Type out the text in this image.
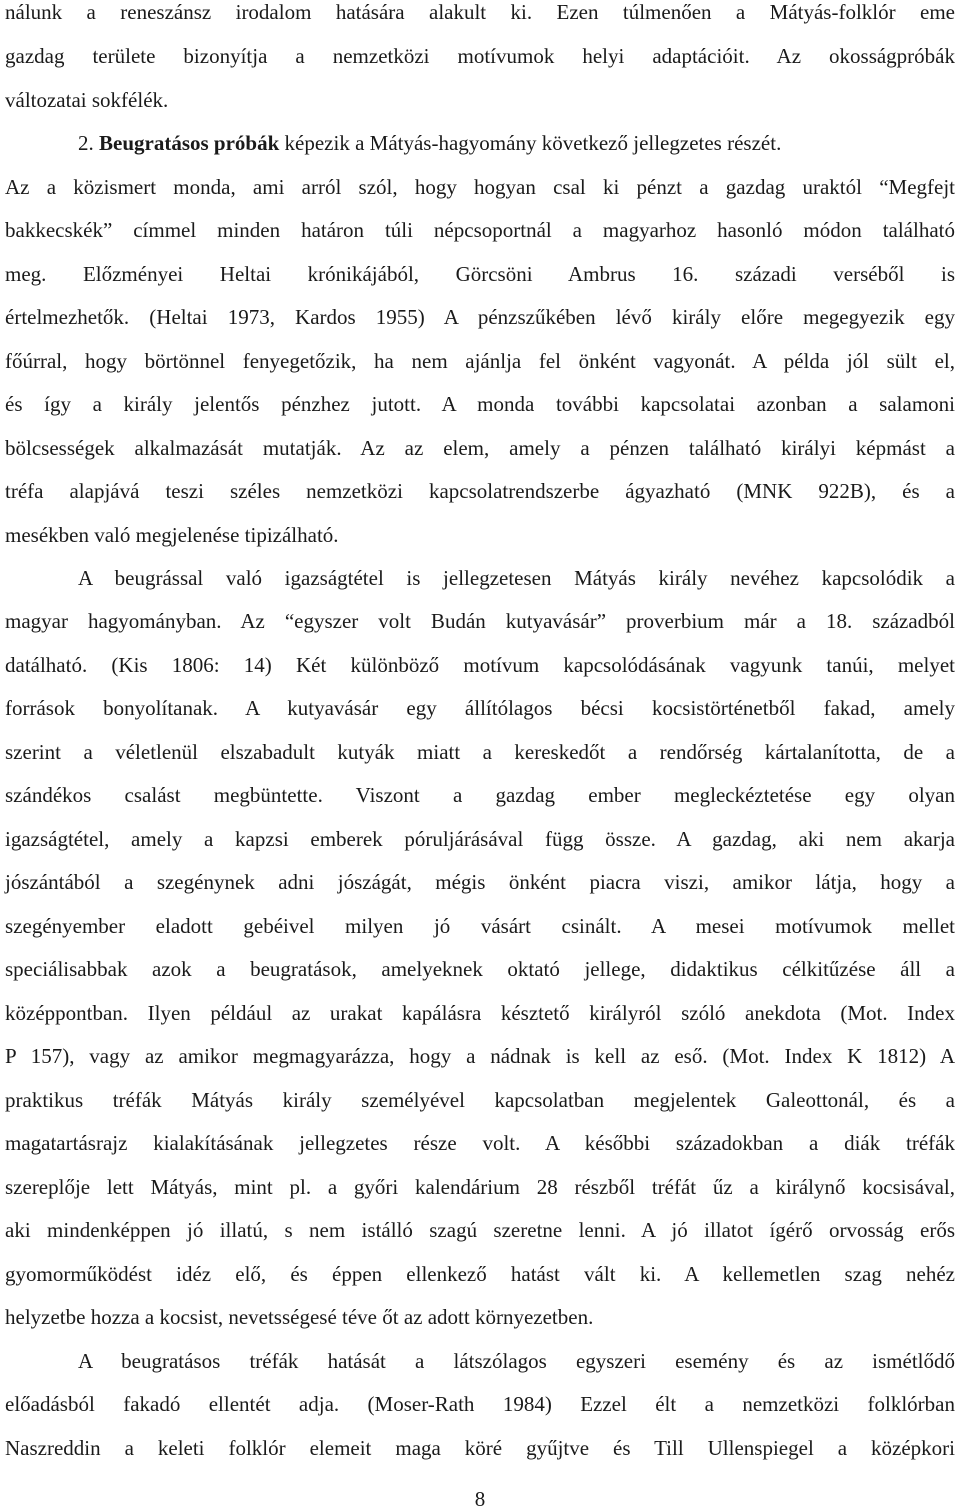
nálunk a reneszánsz irodalom hatására alakult ki. Ezen túlmenően a Mátyás-folklór eme
gazdag területe bizonyítja a nemzetközi motívumok helyi adaptációit. Az okosságpróbák
változatai sokfélék.
2. Beugratásos próbák képezik a Mátyás-hagyomány következő jellegzetes részét.
Az a közismert monda, ami arról szól, hogy hogyan csal ki pénzt a gazdag uraktól “Megfejt
bakkecskék” címmel minden határon túli népcsoportnál a magyarhoz hasonló módon található
meg. Előzményei Heltai krónikájából, Görcsöni Ambrus 16. századi verséből is
értelmezhetők. (Heltai 1973, Kardos 1955) A pénzszűkében lévő király előre megegyezik egy
főúrral, hogy börtönnel fenyegetőzik, ha nem ajánlja fel önként vagyonát. A példa jól sült el,
és így a király jelentős pénzhez jutott. A monda további kapcsolatai azonban a salamoni
bölcsességek alkalmazását mutatják. Az az elem, amely a pénzen található királyi képmást a
tréfa alapjává teszi széles nemzetközi kapcsolatrendszerbe ágyazható (MNK 922B), és a
mesékben való megjelenése tipizálható.
A beugrással való igazságtétel is jellegzetesen Mátyás király nevéhez kapcsolódik a
magyar hagyományban. Az “egyszer volt Budán kutyavásár” proverbium már a 18. századból
datálható. (Kis 1806: 14) Két különböző motívum kapcsolódásának vagyunk tanúi, melyet
források bonyolítanak. A kutyavásár egy állítólagos bécsi kocsistörténetből fakad, amely
szerint a véletlenül elszabadult kutyák miatt a kereskedőt a rendőrség kártalanította, de a
szándékos csalást megbüntette. Viszont a gazdag ember megleckéztetése egy olyan
igazságtétel, amely a kapzsi emberek póruljárásával függ össze. A gazdag, aki nem akarja
jószántából a szegénynek adni jószágát, mégis önként piacra viszi, amikor látja, hogy a
szegényember eladott gebéivel milyen jó vásárt csinált. A mesei motívumok mellet
speciálisabbak azok a beugratások, amelyeknek oktató jellege, didaktikus célkitűzése áll a
középpontban. Ilyen például az urakat kapálásra késztető királyról szóló anekdota (Mot. Index
P 157), vagy az amikor megmagyarázza, hogy a nádnak is kell az eső. (Mot. Index K 1812) A
praktikus tréfák Mátyás király személyével kapcsolatban megjelentek Galeottonál, és a
magatartásrajz kialakításának jellegzetes része volt. A későbbi századokban a diák tréfák
szereplője lett Mátyás, mint pl. a győri kalendárium 28 részből tréfát űz a királynő kocsisával,
aki mindenképpen jó illatú, s nem istálló szagú szeretne lenni. A jó illatot ígérő orvosság erős
gyomorműködést idéz elő, és éppen ellenkező hatást vált ki. A kellemetlen szag nehéz
helyzetbe hozza a kocsist, nevetsségesé téve őt az adott környezetben.
A beugratásos tréfák hatását a látszólagos egyszeri esemény és az ismétlődő
előadásból fakadó ellentét adja. (Moser-Rath 1984) Ezzel élt a nemzetközi folklórban
Naszreddin a keleti folklór elemeit maga köré gyűjtve és Till Ullenspiegel a középkori
8
